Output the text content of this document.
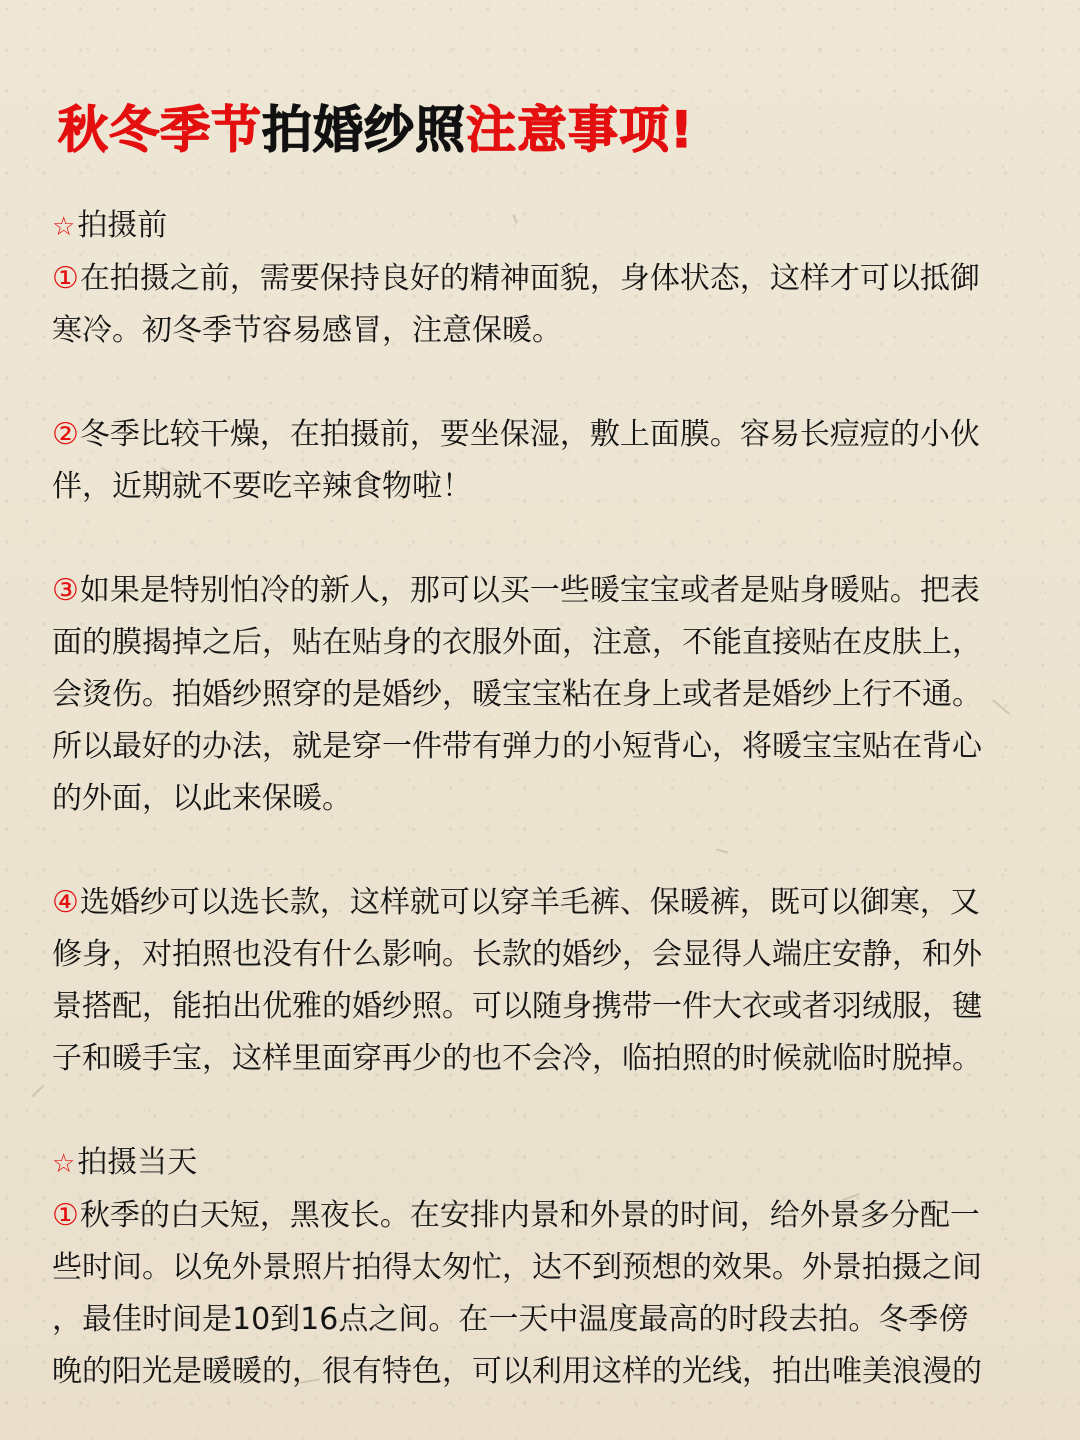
秋冬季节拍婚纱照注意事项!
☆拍摄前

①在拍摄之前，需要保持良好的精神面貌，身体状态，这样才可以抵御
寒冷。初冬季节容易感冒，注意保暖。

②冬季比较干燥，在拍摄前，要坐保湿，敷上面膜。容易长痘痘的小伙
伴，近期就不要吃辛辣食物啦！

③如果是特别怕冷的新人，那可以买一些暖宝宝或者是贴身暖贴。把表
面的膜揭掉之后，贴在贴身的衣服外面，注意，不能直接贴在皮肤上，
会烫伤。拍婚纱照穿的是婚纱，暖宝宝粘在身上或者是婚纱上行不通。
所以最好的办法，就是穿一件带有弹力的小短背心，将暖宝宝贴在背心
的外面，以此来保暖。

④选婚纱可以选长款，这样就可以穿羊毛裤、保暖裤，既可以御寒，又
修身，对拍照也没有什么影响。长款的婚纱，会显得人端庄安静，和外
景搭配，能拍出优雅的婚纱照。可以随身携带一件大衣或者羽绒服，毽
子和暖手宝，这样里面穿再少的也不会冷，临拍照的时候就临时脱掉。

☆拍摄当天

①秋季的白天短，黑夜长。在安排内景和外景的时间，给外景多分配一
些时间。以免外景照片拍得太匆忙，达不到预想的效果。外景拍摄之间
，最佳时间是10到16点之间。在一天中温度最高的时段去拍。冬季傍
晚的阳光是暖暖的，很有特色，可以利用这样的光线，拍出唯美浪漫的
